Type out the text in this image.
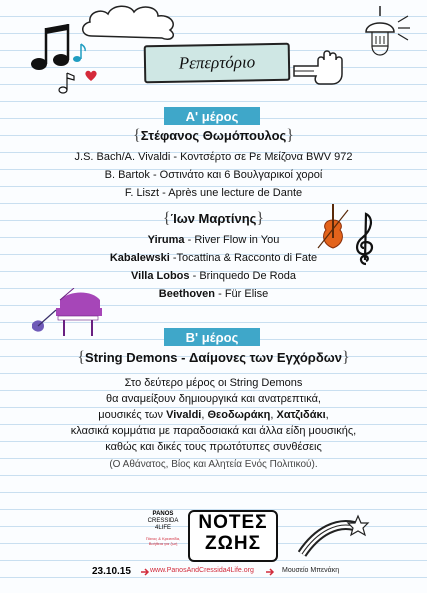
Ρεπερτόριο
Α' μέρος
{Στέφανος Θωμόπουλος}
J.S. Bach/A. Vivaldi - Κοντσέρτο σε Ρε Μείζονα BWV 972
B. Bartok - Οστινάτο και 6 Βουλγαρικοί χοροί
F. Liszt - Après une lecture de Dante
{Ίων Μαρτίνης}
Yiruma - River Flow in You
Kabalewski -Tocattina & Racconto di Fate
Villa Lobos - Brinquedo De Roda
Beethoven - Für Elise
Β' μέρος
{String Demons - Δαίμονες των Εγχόρδων}
Στο δεύτερο μέρος οι String Demons
θα αναμείξουν δημιουργικά και ανατρεπτικά,
μουσικές των Vivaldi, Θεοδωράκη, Χατζιδάκι,
κλασικά κομμάτια με παραδοσιακά και άλλα είδη μουσικής,
καθώς και δικές τους πρωτότυπες συνθέσεις
(Ο Αθάνατος, Βίος και Αλητεία Ενός Πολιτικού).
PANOS
CRESSIDA
4LIFE
Πάνος & Κρεσσίδα, Βοήθεια για ζωή
ΝΟΤΕΣ
ΖΩΗΣ
23.10.15	www.PanosAndCressida4Life.org	Μουσείο Μπενάκη
